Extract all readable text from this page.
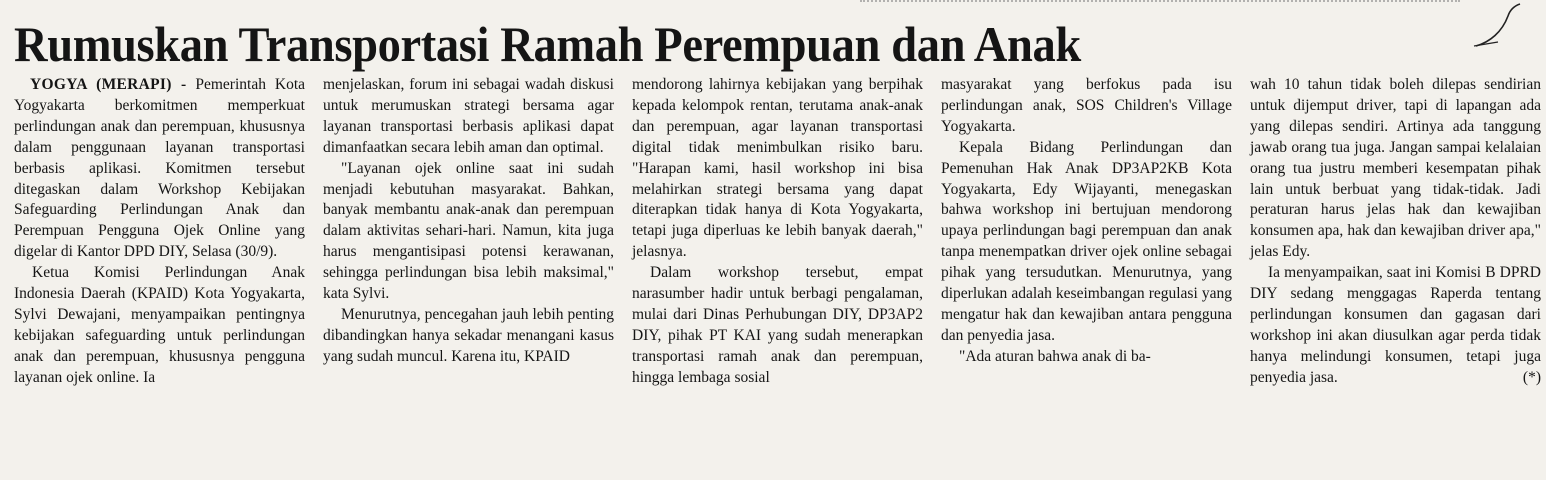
Rumuskan Transportasi Ramah Perempuan dan Anak

YOGYA (MERAPI) - Pemerintah Kota Yogyakarta berkomitmen memperkuat perlindungan anak dan perempuan, khususnya dalam penggunaan layanan transportasi berbasis aplikasi. Komitmen tersebut ditegaskan dalam Workshop Kebijakan Safeguarding Perlindungan Anak dan Perempuan Pengguna Ojek Online yang digelar di Kantor DPD DIY, Selasa (30/9).

Ketua Komisi Perlindungan Anak Indonesia Daerah (KPAID) Kota Yogyakarta, Sylvi Dewajani, menyampaikan pentingnya kebijakan safeguarding untuk perlindungan anak dan perempuan, khususnya pengguna layanan ojek online. Ia

menjelaskan, forum ini sebagai wadah diskusi untuk merumuskan strategi bersama agar layanan transportasi berbasis aplikasi dapat dimanfaatkan secara lebih aman dan optimal.

"Layanan ojek online saat ini sudah menjadi kebutuhan masyarakat. Bahkan, banyak membantu anak-anak dan perempuan dalam aktivitas sehari-hari. Namun, kita juga harus mengantisipasi potensi kerawanan, sehingga perlindungan bisa lebih maksimal," kata Sylvi.

Menurutnya, pencegahan jauh lebih penting dibandingkan hanya sekadar menangani kasus yang sudah muncul. Karena itu, KPAID

mendorong lahirnya kebijakan yang berpihak kepada kelompok rentan, terutama anak-anak dan perempuan, agar layanan transportasi digital tidak menimbulkan risiko baru. "Harapan kami, hasil workshop ini bisa melahirkan strategi bersama yang dapat diterapkan tidak hanya di Kota Yogyakarta, tetapi juga diperluas ke lebih banyak daerah," jelasnya.

Dalam workshop tersebut, empat narasumber hadir untuk berbagi pengalaman, mulai dari Dinas Perhubungan DIY, DP3AP2 DIY, pihak PT KAI yang sudah menerapkan transportasi ramah anak dan perempuan, hingga lembaga sosial

masyarakat yang berfokus pada isu perlindungan anak, SOS Children's Village Yogyakarta.

Kepala Bidang Perlindungan dan Pemenuhan Hak Anak DP3AP2KB Kota Yogyakarta, Edy Wijayanti, menegaskan bahwa workshop ini bertujuan mendorong upaya perlindungan bagi perempuan dan anak tanpa menempatkan driver ojek online sebagai pihak yang tersudutkan. Menurutnya, yang diperlukan adalah keseimbangan regulasi yang mengatur hak dan kewajiban antara pengguna dan penyedia jasa.

"Ada aturan bahwa anak di ba-

wah 10 tahun tidak boleh dilepas sendirian untuk dijemput driver, tapi di lapangan ada yang dilepas sendiri. Artinya ada tanggung jawab orang tua juga. Jangan sampai kelalaian orang tua justru memberi kesempatan pihak lain untuk berbuat yang tidak-tidak. Jadi peraturan harus jelas hak dan kewajiban konsumen apa, hak dan kewajiban driver apa," jelas Edy.

Ia menyampaikan, saat ini Komisi B DPRD DIY sedang menggagas Raperda tentang perlindungan konsumen dan gagasan dari workshop ini akan diusulkan agar perda tidak hanya melindungi konsumen, tetapi juga penyedia jasa.	(*)
